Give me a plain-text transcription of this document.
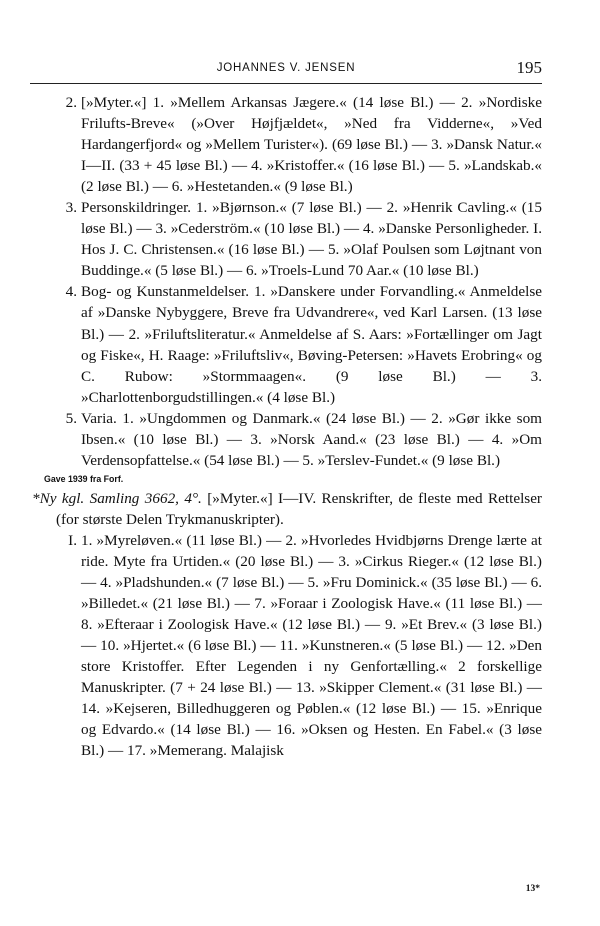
JOHANNES V. JENSEN	195

2. [»Myter.«] 1. »Mellem Arkansas Jægere.« (14 løse Bl.) — 2. »Nordiske Frilufts-Breve« (»Over Højfjældet«, »Ned fra Vidderne«, »Ved Hardangerfjord« og »Mellem Turister«). (69 løse Bl.) — 3. »Dansk Natur.« I—II. (33 + 45 løse Bl.) — 4. »Kristoffer.« (16 løse Bl.) — 5. »Landskab.« (2 løse Bl.) — 6. »Hestetanden.« (9 løse Bl.)

3. Personskildringer. 1. »Bjørnson.« (7 løse Bl.) — 2. »Henrik Cavling.« (15 løse Bl.) — 3. »Cederström.« (10 løse Bl.) — 4. »Danske Personligheder. I. Hos J. C. Christensen.« (16 løse Bl.) — 5. »Olaf Poulsen som Løjtnant von Buddinge.« (5 løse Bl.) — 6. »Troels-Lund 70 Aar.« (10 løse Bl.)

4. Bog- og Kunstanmeldelser. 1. »Danskere under Forvandling.« Anmeldelse af »Danske Nybyggere, Breve fra Udvandrere«, ved Karl Larsen. (13 løse Bl.) — 2. »Friluftsliteratur.« Anmeldelse af S. Aars: »Fortællinger om Jagt og Fiske«, H. Raage: »Friluftsliv«, Bøving-Petersen: »Havets Erobring« og C. Rubow: »Stormmaagen«. (9 løse Bl.) — 3. »Charlottenborgudstillingen.« (4 løse Bl.)

5. Varia. 1. »Ungdommen og Danmark.« (24 løse Bl.) — 2. »Gør ikke som Ibsen.« (10 løse Bl.) — 3. »Norsk Aand.« (23 løse Bl.) — 4. »Om Verdensopfattelse.« (54 løse Bl.) — 5. »Terslev-Fundet.« (9 løse Bl.)

Gave 1939 fra Forf.

*Ny kgl. Samling 3662, 4°. [»Myter.«] I—IV. Renskrifter, de fleste med Rettelser (for største Delen Trykmanuskripter).

I. 1. »Myreløven.« (11 løse Bl.) — 2. »Hvorledes Hvidbjørns Drenge lærte at ride. Myte fra Urtiden.« (20 løse Bl.) — 3. »Cirkus Rieger.« (12 løse Bl.) — 4. »Pladshunden.« (7 løse Bl.) — 5. »Fru Dominick.« (35 løse Bl.) — 6. »Billedet.« (21 løse Bl.) — 7. »Foraar i Zoologisk Have.« (11 løse Bl.) — 8. »Efteraar i Zoologisk Have.« (12 løse Bl.) — 9. »Et Brev.« (3 løse Bl.) — 10. »Hjertet.« (6 løse Bl.) — 11. »Kunstneren.« (5 løse Bl.) — 12. »Den store Kristoffer. Efter Legenden i ny Genfortælling.« 2 forskellige Manuskripter. (7 + 24 løse Bl.) — 13. »Skipper Clement.« (31 løse Bl.) — 14. »Kejseren, Billedhuggeren og Pøblen.« (12 løse Bl.) — 15. »Enrique og Edvardo.« (14 løse Bl.) — 16. »Oksen og Hesten. En Fabel.« (3 løse Bl.) — 17. »Memerang. Malajisk

13*
